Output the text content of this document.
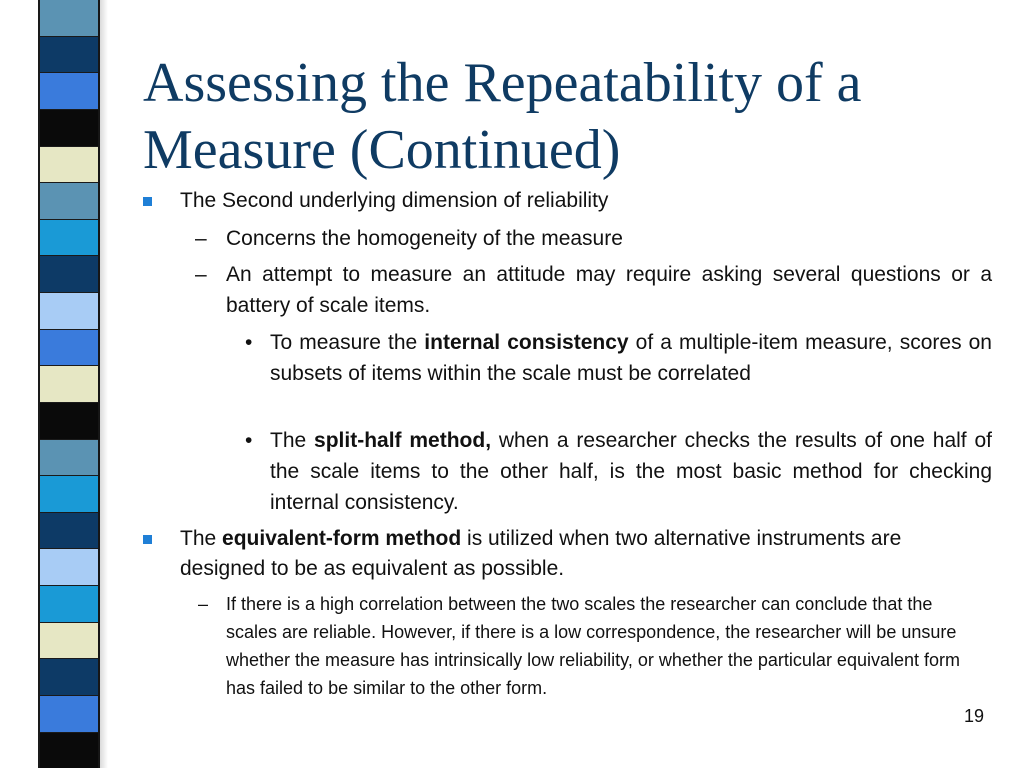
Assessing the Repeatability of a
Measure (Continued)
The Second underlying dimension of reliability
– Concerns the homogeneity of the measure
– An attempt to measure an attitude may require asking several questions or a battery of scale items.
• To measure the internal consistency of a multiple-item measure, scores on subsets of items within the scale must be correlated
• The split-half method, when a researcher checks the results of one half of the scale items to the other half, is the most basic method for checking internal consistency.
The equivalent-form method is utilized when two alternative instruments are designed to be as equivalent as possible.
– If there is a high correlation between the two scales the researcher can conclude that the scales are reliable. However, if there is a low correspondence, the researcher will be unsure whether the measure has intrinsically low reliability, or whether the particular equivalent form has failed to be similar to the other form.
19
